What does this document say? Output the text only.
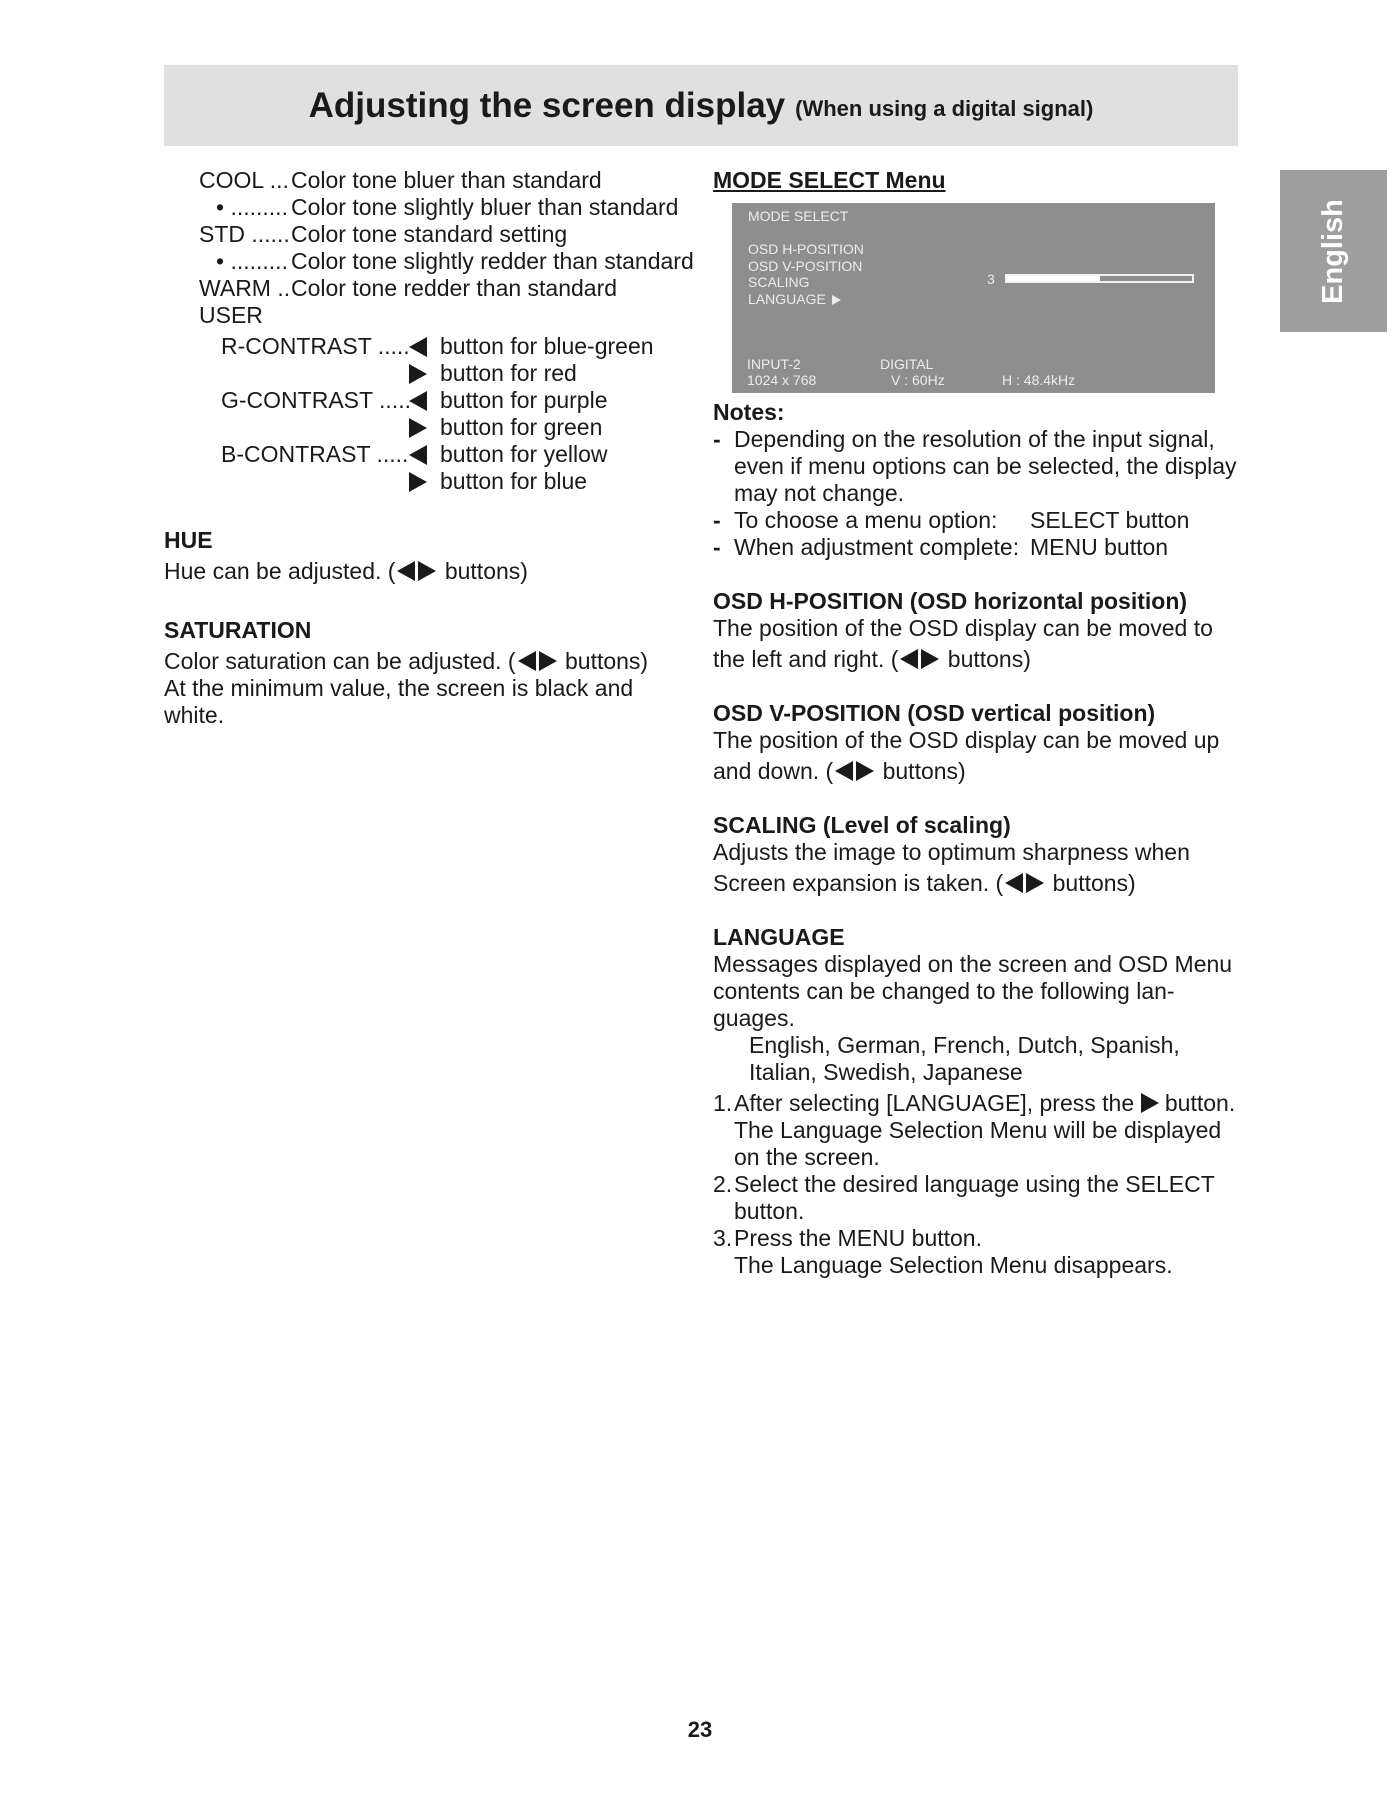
Adjusting the screen display (When using a digital signal)
English
COOL ... Color tone bluer than standard
• ......... Color tone slightly bluer than standard
STD ...... Color tone standard setting
• ......... Color tone slightly redder than standard
WARM .. Color tone redder than standard
USER
R-CONTRAST ..... button for blue-green
button for red
G-CONTRAST ..... button for purple
button for green
B-CONTRAST ..... button for yellow
button for blue
HUE
Hue can be adjusted. (
buttons)
SATURATION
Color saturation can be adjusted. (
buttons)
At the minimum value, the screen is black and white.
MODE SELECT Menu
MODE SELECT
OSD H-POSITION
OSD V-POSITION
SCALING
LANGUAGE
3
INPUT-2
1024 x 768
DIGITAL
V : 60Hz	H : 48.4kHz
Notes:
- Depending on the resolution of the input signal, even if menu options can be selected, the display may not change.
- To choose a menu option: SELECT button
- When adjustment complete: MENU button
OSD H-POSITION (OSD horizontal position)
The position of the OSD display can be moved to
the left and right. (
buttons)
OSD V-POSITION (OSD vertical position)
The position of the OSD display can be moved up
and down. (
buttons)
SCALING (Level of scaling)
Adjusts the image to optimum sharpness when
Screen expansion is taken. (
buttons)
LANGUAGE
Messages displayed on the screen and OSD Menu contents can be changed to the following lan-guages.
English, German, French, Dutch, Spanish,
Italian, Swedish, Japanese
1. After selecting [LANGUAGE], press the  button.
The Language Selection Menu will be displayed on the screen.
2. Select the desired language using the SELECT button.
3. Press the MENU button.
The Language Selection Menu disappears.
23
